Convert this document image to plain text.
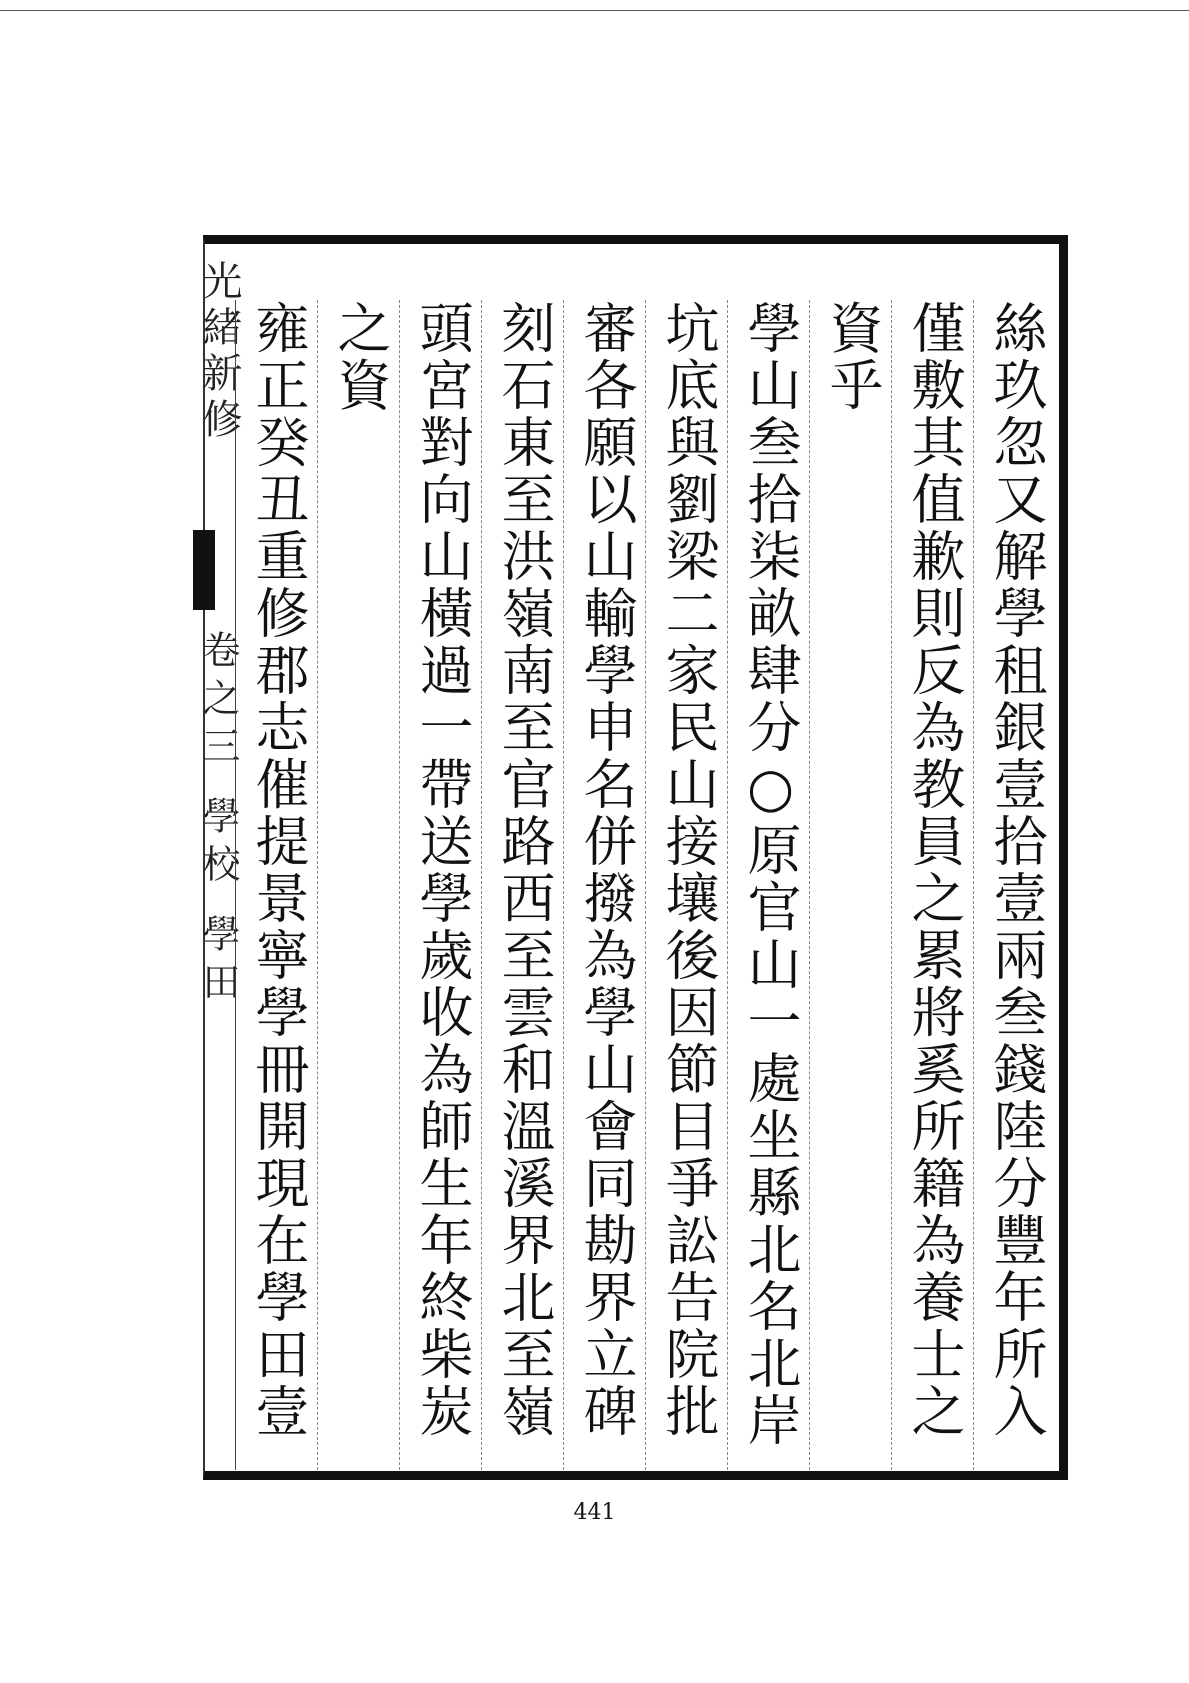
光緒新修
卷之三 學校 學田	絲玖忽又解學租銀壹拾壹兩叁錢陸分豐年所入
僅敷其值歉則反為教員之累將奚所籍為養士之
資乎
學山叁拾柒畝肆分○原官山一處坐縣北名北岸
坑底與劉梁二家民山接壤後因節目爭訟告院批
審各願以山輸學申名併撥為學山會同勘界立碑
刻石東至洪嶺南至官路西至雲和溫溪界北至嶺
頭宮對向山橫過一帶送學歲收為師生年終柴炭
之資
雍正癸丑重修郡志催提景寧學冊開現在學田壹
441
